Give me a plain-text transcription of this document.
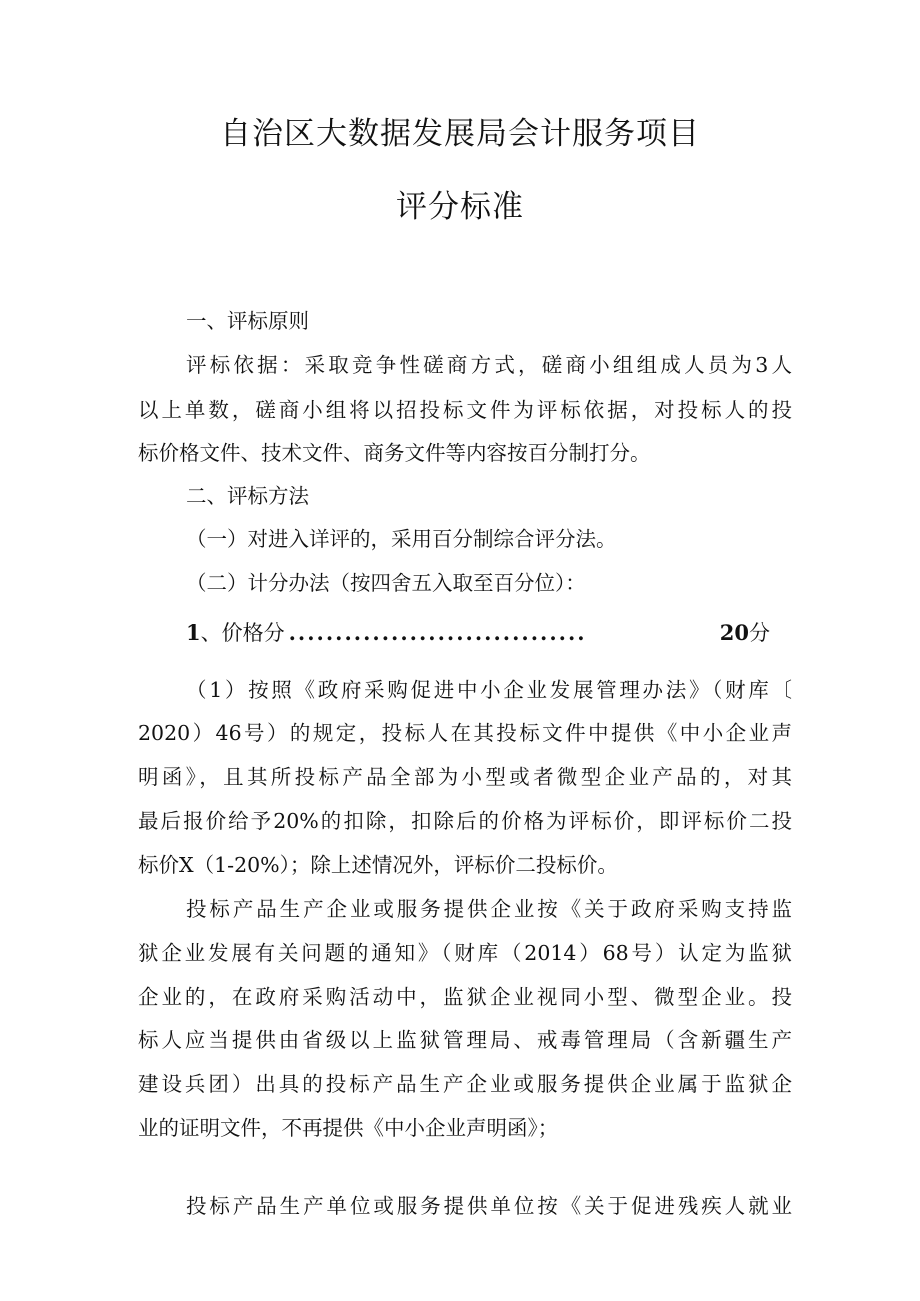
自治区大数据发展局会计服务项目
评分标准
一、评标原则
评标依据：采取竞争性磋商方式，磋商小组组成人员为3人
以上单数，磋商小组将以招投标文件为评标依据，对投标人的投
标价格文件、技术文件、商务文件等内容按百分制打分。
二、评标方法
（一）对进入详评的，采用百分制综合评分法。
（二）计分办法（按四舍五入取至百分位）：
1 、价格分 ................................	20 分
（1）按照《政府采购促进中小企业发展管理办法》（财库〔
2020）46号）的规定，投标人在其投标文件中提供《中小企业声
明函》，且其所投标产品全部为小型或者微型企业产品的，对其
最后报价给予20%的扣除，扣除后的价格为评标价，即评标价二投
标价X（1-20%）；除上述情况外，评标价二投标价。
投标产品生产企业或服务提供企业按《关于政府采购支持监
狱企业发展有关问题的通知》（财库（2014）68号）认定为监狱
企业的，在政府采购活动中，监狱企业视同小型、微型企业。投
标人应当提供由省级以上监狱管理局、戒毒管理局（含新疆生产
建设兵团）出具的投标产品生产企业或服务提供企业属于监狱企
业的证明文件，不再提供《中小企业声明函》；
投标产品生产单位或服务提供单位按《关于促进残疾人就业
